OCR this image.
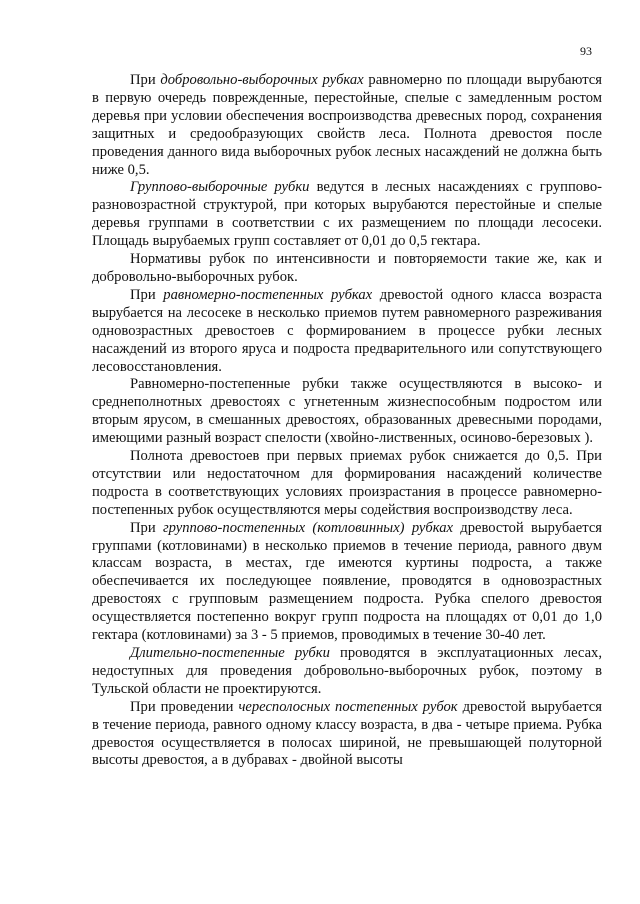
93

При добровольно-выборочных рубках равномерно по площади вырубаются в первую очередь поврежденные, перестойные, спелые с замедленным ростом деревья при условии обеспечения воспроизводства древесных пород, сохранения защитных и средообразующих свойств леса. Полнота древостоя после проведения данного вида выборочных рубок лесных насаждений не должна быть ниже 0,5.

Групповo-выборочные рубки ведутся в лесных насаждениях с группово-разновозрастной структурой, при которых вырубаются перестойные и спелые деревья группами в соответствии с их размещением по площади лесосеки. Площадь вырубаемых групп составляет от 0,01 до 0,5 гектара.

Нормативы рубок по интенсивности и повторяемости такие же, как и добровольно-выборочных рубок.

При равномерно-постепенных рубках древостой одного класса возраста вырубается на лесосеке в несколько приемов путем равномерного разреживания одновозрастных древостоев с формированием в процессе рубки лесных насаждений из второго яруса и подроста предварительного или сопутствующего лесовосстановления.

Равномерно-постепенные рубки также осуществляются в высоко- и среднеполнотных древостоях с угнетенным жизнеспособным подростом или вторым ярусом, в смешанных древостоях, образованных древесными породами, имеющими разный возраст спелости (хвойно-лиственных, осиново-березовых ).

Полнота древостоев при первых приемах рубок снижается до 0,5. При отсутствии или недостаточном для формирования насаждений количестве подроста в соответствующих условиях произрастания в процессе равномерно-постепенных рубок осуществляются меры содействия воспроизводству леса.

При группово-постепенных (котловинных) рубках древостой вырубается группами (котловинами) в несколько приемов в течение периода, равного двум классам возраста, в местах, где имеются куртины подроста, а также обеспечивается их последующее появление, проводятся в одновозрастных древостоях с групповым размещением подроста. Рубка спелого древостоя осуществляется постепенно вокруг групп подроста на площадях от 0,01 до 1,0 гектара (котловинами) за 3 - 5 приемов, проводимых в течение 30-40 лет.

Длительно-постепенные рубки проводятся в эксплуатационных лесах, недоступных для проведения добровольно-выборочных рубок, поэтому в Тульской области не проектируются.

При проведении чересполосных постепенных рубок древостой вырубается в течение периода, равного одному классу возраста, в два - четыре приема. Рубка древостоя осуществляется в полосах шириной, не превышающей полуторной высоты древостоя, а в дубравах - двойной высоты
